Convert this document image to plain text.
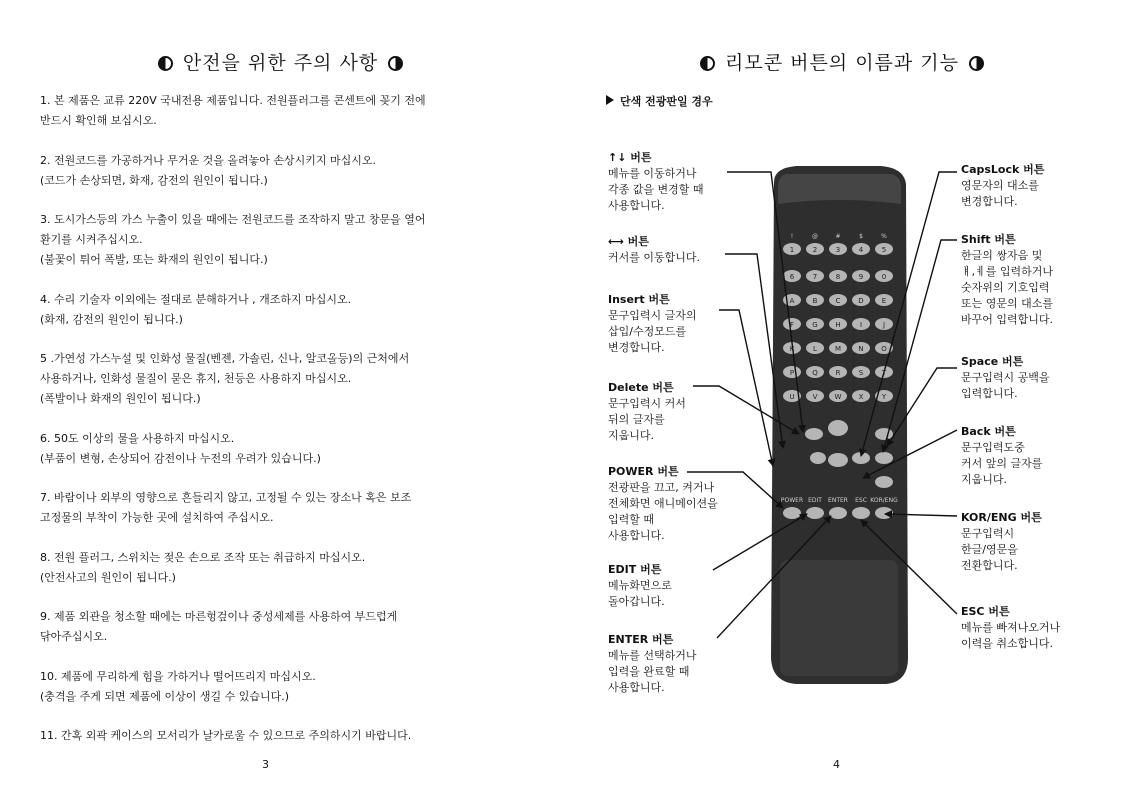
안전을 위한 주의 사항
1. 본 제품은 교류 220V 국내전용 제품입니다. 전원플러그를 콘센트에 꽂기 전에
반드시 확인해 보십시오.
2. 전원코드를 가공하거나 무거운 것을 올려놓아 손상시키지 마십시오.
(코드가 손상되면, 화재, 감전의 원인이 됩니다.)
3. 도시가스등의 가스 누출이 있을 때에는 전원코드를 조작하지 말고 창문을 열어
환기를 시켜주십시오.
(불꽃이 튀어 폭발, 또는 화재의 원인이 됩니다.)
4. 수리 기술자 이외에는 절대로 분해하거나 , 개조하지 마십시오.
(화재, 감전의 원인이 됩니다.)
5 .가연성 가스누설 및 인화성 물질(벤젠, 가솔린, 신나, 알코올등)의 근처에서
사용하거나, 인화성 물질이 묻은 휴지, 천등은 사용하지 마십시오.
(폭발이나 화재의 원인이 됩니다.)
6. 50도 이상의 물을 사용하지 마십시오.
(부품이 변형, 손상되어 감전이나 누전의 우려가 있습니다.)
7. 바람이나 외부의 영향으로 흔들리지 않고, 고정될 수 있는 장소나 혹은 보조
고정물의 부착이 가능한 곳에 설치하여 주십시오.
8. 전원 플러그, 스위치는 젖은 손으로 조작 또는 취급하지 마십시오.
(안전사고의 원인이 됩니다.)
9. 제품 외관을 청소할 때에는 마른헝겊이나 중성세제를 사용하여 부드럽게
닦아주십시오.
10. 제품에 무리하게 힘을 가하거나 떨어뜨리지 마십시오.
(충격을 주게 되면 제품에 이상이 생길 수 있습니다.)
11. 간혹 외곽 케이스의 모서리가 날카로울 수 있으므로 주의하시기 바랍니다.
3
리모콘 버튼의 이름과 기능
단색 전광판일 경우
!	@	#	$	%
1	2	3	4	5
6	7	8	9	0
A	B	C	D	E
F	G	H	I	J
K	L	M N	O
P	Q	R	S	T
U	V W X	Y
POWER EDIT ENTER ESC KOR/ENG
↑↓ 버튼
메뉴를 이동하거나
각종 값을 변경할 때
사용합니다.
⟷ 버튼
커서를 이동합니다.
Insert 버튼
문구입력시 글자의
삽입/수정모드를
변경합니다.
Delete 버튼
문구입력시 커서
뒤의 글자를
지웁니다.
POWER 버튼
전광판을 끄고, 켜거나
전체화면 애니메이션을
입력할 때
사용합니다.
EDIT 버튼
메뉴화면으로
돌아갑니다.
ENTER 버튼
메뉴를 선택하거나
입력을 완료할 때
사용합니다.
CapsLock 버튼
영문자의 대소를
변경합니다.
Shift 버튼
한글의 쌍자음 및
ㅒ,ㅖ를 입력하거나
숫자위의 기호입력
또는 영문의 대소를
바꾸어 입력합니다.
Space 버튼
문구입력시 공백을
입력합니다.
Back 버튼
문구입력도중
커서 앞의 글자를
지웁니다.
KOR/ENG 버튼
문구입력시
한글/영문을
전환합니다.
ESC 버튼
메뉴를 빠져나오거나
이력을 취소합니다.
4
